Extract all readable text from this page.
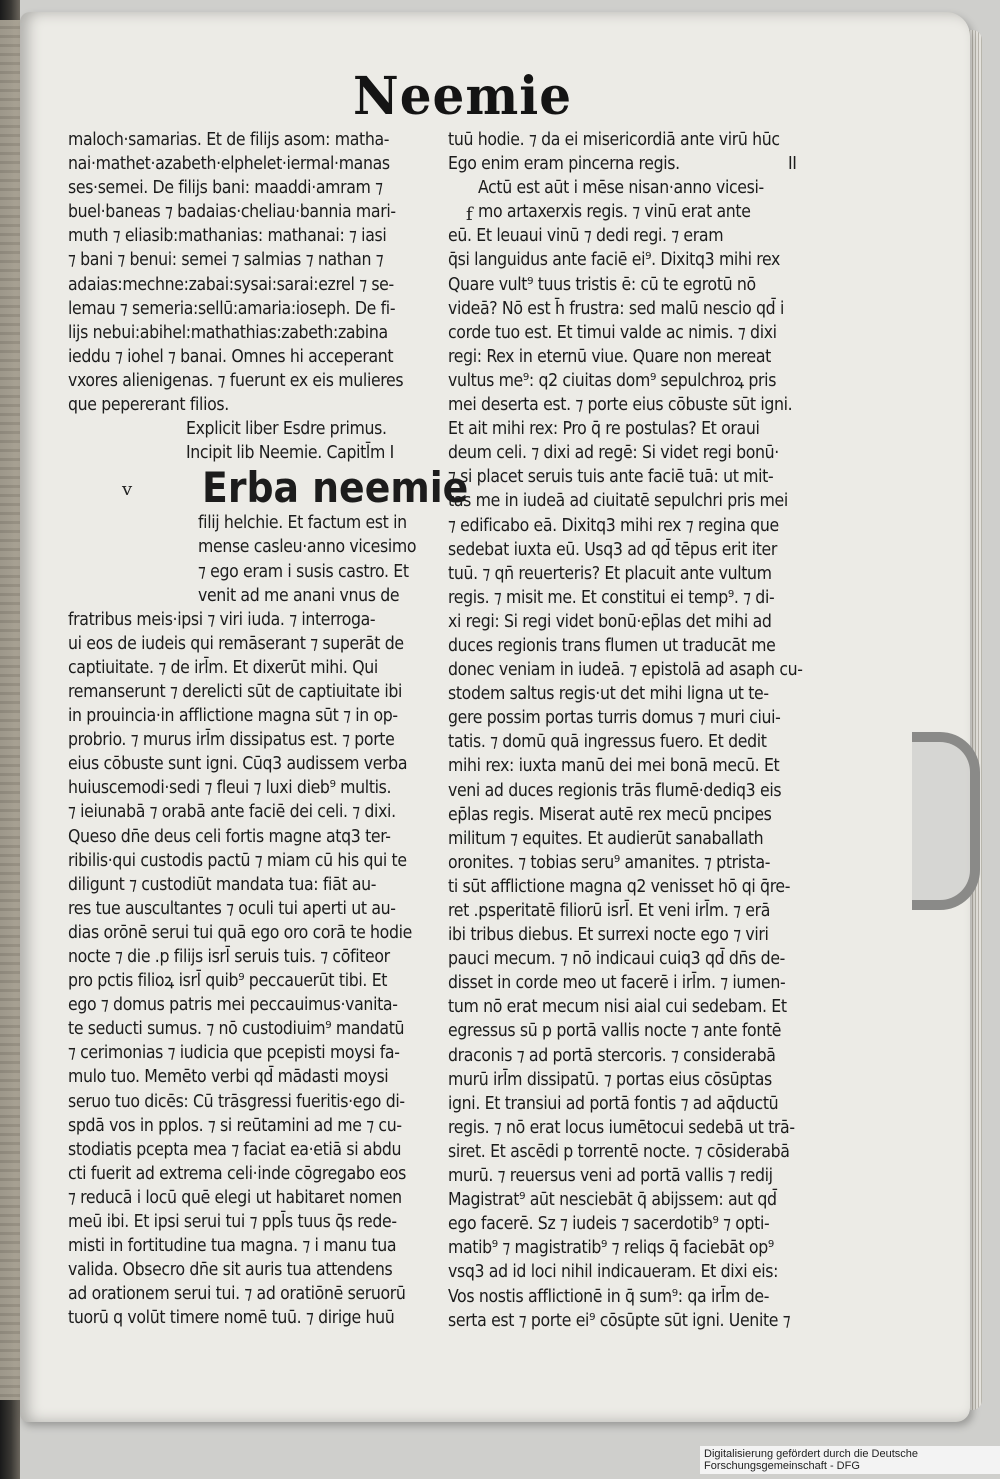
Neemie
maloch·samarias. Et de filijs asom: matha-
nai·mathet·azabeth·elphelet·iermal·manas
ses·semei. De filijs bani: maaddi·amram ⁊
buel·baneas ⁊ badaias·cheliau·bannia mari-
muth ⁊ eliasib:mathanias: mathanai: ⁊ iasi
⁊ bani ⁊ benui: semei ⁊ salmias ⁊ nathan ⁊
adaias:mechne:zabai:sysai:sarai:ezrel ⁊ se-
lemau ⁊ semeria:sellū:amaria:ioseph. De fi-
lijs nebui:abihel:mathathias:zabeth:zabina
ieddu ⁊ iohel ⁊ banai. Omnes hi acceperant
vxores alienigenas. ⁊ fuerunt ex eis mulieres
que pepererant filios.
Explicit liber Esdre primus.
Incipit lib Neemie. Capitl̄m I
Erba neemie
filij helchie. Et factum est in
mense casleu·anno vicesimo
⁊ ego eram i susis castro. Et
venit ad me anani vnus de
fratribus meis·ipsi ⁊ viri iuda. ⁊ interroga-
ui eos de iudeis qui remāserant ⁊ superāt de
captiuitate. ⁊ de irl̄m. Et dixerūt mihi. Qui
remanserunt ⁊ derelicti sūt de captiuitate ibi
in prouincia·in afflictione magna sūt ⁊ in op-
probrio. ⁊ murus irl̄m dissipatus est. ⁊ porte
eius cōbuste sunt igni. Cūq3 audissem verba
huiuscemodi·sedi ⁊ fleui ⁊ luxi dieb⁹ multis.
⁊ ieiunabā ⁊ orabā ante faciē dei celi. ⁊ dixi.
Queso dn̄e deus celi fortis magne atq3 ter-
ribilis·qui custodis pactū ⁊ miam cū his qui te
diligunt ⁊ custodiūt mandata tua: fiāt au-
res tue auscultantes ⁊ oculi tui aperti ut au-
dias orōnē serui tui quā ego oro corā te hodie
nocte ⁊ die .p filijs isrl̄ seruis tuis. ⁊ cōfiteor
pro pctis filioꝝ isrl̄ quib⁹ peccauerūt tibi. Et
ego ⁊ domus patris mei peccauimus·vanita-
te seducti sumus. ⁊ nō custodiuim⁹ mandatū
⁊ cerimonias ⁊ iudicia que pcepisti moysi fa-
mulo tuo. Memēto verbi qd̄ mādasti moysi
seruo tuo dicēs: Cū trāsgressi fueritis·ego di-
spdā vos in pplos. ⁊ si reūtamini ad me ⁊ cu-
stodiatis pcepta mea ⁊ faciat ea·etiā si abdu
cti fuerit ad extrema celi·inde cōgregabo eos
⁊ reducā i locū quē elegi ut habitaret nomen
meū ibi. Et ipsi serui tui ⁊ ppl̄s tuus q̄s rede-
misti in fortitudine tua magna. ⁊ i manu tua
valida. Obsecro dn̄e sit auris tua attendens
ad orationem serui tui. ⁊ ad oratiōnē seruorū
tuorū q volūt timere nomē tuū. ⁊ dirige huū
v
tuū hodie. ⁊ da ei misericordiā ante virū hūc
Ego enim eram pincerna regis.	II
Actū est aūt i mēse nisan·anno vicesi-
mo artaxerxis regis. ⁊ vinū erat ante
eū. Et leuaui vinū ⁊ dedi regi. ⁊ eram
q̄si languidus ante faciē ei⁹. Dixitq3 mihi rex
Quare vult⁹ tuus tristis ē: cū te egrotū nō
videā? Nō est h̄ frustra: sed malū nescio qd̄ i
corde tuo est. Et timui valde ac nimis. ⁊ dixi
regi: Rex in eternū viue. Quare non mereat
vultus me⁹: q2 ciuitas dom⁹ sepulchroꝝ pris
mei deserta est. ⁊ porte eius cōbuste sūt igni.
Et ait mihi rex: Pro q̄ re postulas? Et oraui
deum celi. ⁊ dixi ad regē: Si videt regi bonū·
⁊ si placet seruis tuis ante faciē tuā: ut mit-
tas me in iudeā ad ciuitatē sepulchri pris mei
⁊ edificabo eā. Dixitq3 mihi rex ⁊ regina que
sedebat iuxta eū. Usq3 ad qd̄ tēpus erit iter
tuū. ⁊ qn̄ reuerteris? Et placuit ante vultum
regis. ⁊ misit me. Et constitui ei temp⁹. ⁊ di-
xi regi: Si regi videt bonū·ep̄las det mihi ad
duces regionis trans flumen ut traducāt me
donec veniam in iudeā. ⁊ epistolā ad asaph cu-
stodem saltus regis·ut det mihi ligna ut te-
gere possim portas turris domus ⁊ muri ciui-
tatis. ⁊ domū quā ingressus fuero. Et dedit
mihi rex: iuxta manū dei mei bonā mecū. Et
veni ad duces regionis trās flumē·dediq3 eis
ep̄las regis. Miserat autē rex mecū pncipes
militum ⁊ equites. Et audierūt sanaballath
oronites. ⁊ tobias seru⁹ amanites. ⁊ ptrista-
ti sūt afflictione magna q2 venisset hō qi q̄re-
ret .psperitatē filiorū isrl̄. Et veni irl̄m. ⁊ erā
ibi tribus diebus. Et surrexi nocte ego ⁊ viri
pauci mecum. ⁊ nō indicaui cuiq3 qd̄ dn̄s de-
disset in corde meo ut facerē i irl̄m. ⁊ iumen-
tum nō erat mecum nisi aial cui sedebam. Et
egressus sū p portā vallis nocte ⁊ ante fontē
draconis ⁊ ad portā stercoris. ⁊ considerabā
murū irl̄m dissipatū. ⁊ portas eius cōsūptas
igni. Et transiui ad portā fontis ⁊ ad aq̄ductū
regis. ⁊ nō erat locus iumētocui sedebā ut trā-
siret. Et ascēdi p torrentē nocte. ⁊ cōsiderabā
murū. ⁊ reuersus veni ad portā vallis ⁊ redij
Magistrat⁹ aūt nesciebāt q̄ abijssem: aut qd̄
ego facerē. Sz ⁊ iudeis ⁊ sacerdotib⁹ ⁊ opti-
matib⁹ ⁊ magistratib⁹ ⁊ reliqs q̄ faciebāt op⁹
vsq3 ad id loci nihil indicaueram. Et dixi eis:
Vos nostis afflictionē in q̄ sum⁹: qa irl̄m de-
serta est ⁊ porte ei⁹ cōsūpte sūt igni. Uenite ⁊
f
Digitalisierung gefördert durch die Deutsche Forschungsgemeinschaft - DFG
